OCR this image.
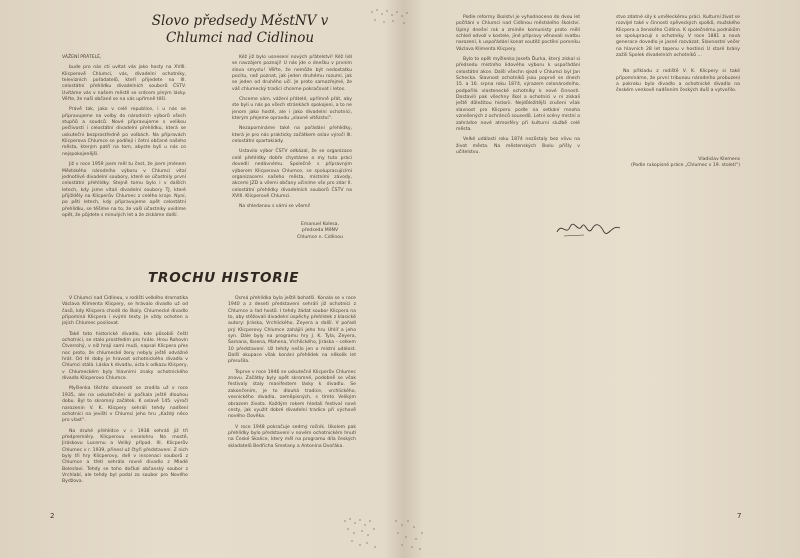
Slovo předsedy MěstNV v Chlumci nad Cidlinou

VÁŽENÍ PŘÁTELÉ,

bude pro nás ctí uvítat vás jako hosty na XVIII. Klicperově Chlumci, vás, divadelní ochotníky, televizních pořadatelů, kteří přijedete na III. celostátní přehlídku divadelních souborů ČSTV. Uvítáme vás v našem městě se srdcem plným lásky. Věřte, že naši občané se na vás upřímně těší.

Právě tak, jako v celé republice, i u nás se připravujeme na volby do národních výborů všech stupňů a soudců. Nové připravujeme s velikou pečlivostí i celostátní divadelní přehlídku, která se uskuteční bezprostředně po volbách. Na přípravách Klicperova Chlumce se podílejí i četní občané našeho města, kterým patří na tom, abyste byli u nás co nejspokojenější.

Již v roce 1959 jsem měl tu čest, že jsem jménem Městského národního výboru v Chlumci vítal jednotlivé divadelní soubory, které se účastnily první celostátní přehlídky. Stejně tomu bylo i v dalších letech, kdy jsme vítali divadelní soubory TJ, které přijížděly na Klicperův Chlumec z celého kraje. Nyní, po pěti letech, kdy připravujeme opět celostátní přehlídku, se těšíme na to, že vaší účastníky uvidíme opět, že půjdete s minulých let a že získáme další.

Kéž již bylo usnesení nových přátelství! Kéž lidí se navzájem poznají! U nás jde o dnešku v prvním slova smyslu! Věřte, že nemůže být nedostatku pocitu, než poznat, jak jeden druhému rozumí, jak se jeden od druhého učí. Je proto samozřejmé, že váš chlumecký tradici chceme pokračovat i letos.

Chceme vám, vážení přátelé, upřímně přát, aby ste byli u nás po všech stránkách spokojeni, a to ne jenom jako hosté, ale i jako divadelní ochotníci, kterým přejeme opravdu „slavné vítězství“.

Nezapomínáme také na pořádání přehlídky, která je pro nás prakticky začátkem oslav výročí III. celostátní spartakiády.

Ustavilo výbor ČSTV odkázal, že se organizace celé přehlídky dobře chystáme a my tuto práci dovedli nedávnému. Společně s přípravným výborem Klicperova Chlumce, se spolupracujícími organizacemi našeho města, místními závody, akcemi JZD a všemi občany učiníme vše pro zdar II. celostátní přehlídky divadelních souborů ČSTV na XVIII. Klicperově Chlumci.

Na shledanou s vámi se všemi!

Emanuel Kolesa,
předseda MěNV
Chlumce n. Cidlinou
TROCHU HISTORIE

V Chlumci nad Cidlinou, v rodišti velkého dramatika Václava Klimenta Klicpery, se hrávalo divadlo už od časů, kdy Klicpera chodil do školy. Chlumecké divadlo připomíná Klicpera i svými texty. Je vždy ochoten a jejich Chlumec posilovat.

Také toto historické divadlo, kde působili čeští ochotníci, se stalo prostředím pro hrálo. Hrou Rohovín Čtverrohý, v níž hrají samí muži, napsal Klicpera přes noc proto, že chlumecké ženy nebyly ještě odvážné hrát. Od té doby je hravost ochotnického divadla v Chlumci stálá. Láska k divadlu, úcta k odkazu Klicpery, v Chlumeckém byly hlavními znaky ochotnického divadla Klicperovo Chlumce.

Myšlenka těchto slavností se zrodila už v roce 1935, ale na uskutečnění si počkala ještě dlouhou dobu. Byl to skromný začátek. K oslavě 145. výročí narozenin V. K. Klicpery sehráli tehdy nadšení ochotníci na jevišti v Chlumci jeho hru „Každý něco pro vlast“.

Na druhé přehlídce v r. 1938 sehráli již tři předpremiéry. Klicperovu veselohru Na mostě, Jiráskovu Lucernu a Veliký případ. III. Klicperův Chlumec v r. 1939, přinesl už čtyři představení. Z nich byly tři hry Klicperovy, dvě v inscenaci souborů z Chlumce a třetí sehrálo rovné divadlo z Mladé Boleslavi. Tehdy se toho dočkal občanský soubor z Vrchlabí, ale tehdy byl podal za soubor pro Nového Bydžova.

Osmá přehlídka byla ještě bohatší. Konala se v roce 1940 a z deseti představení sehráli již ochotníci z Chlumce a řad hostů. I tehdy žádat soubor Klicpera na to, aby stěžovali divadelní úspěchy přehlídek z klasické autory: Jiráska, Vrchlického, Zeyera a další. V pořadí prý Klicperovy Chlumce zahájili jeho hru Uhlíř a jeho syn. Dále byly na programu hry J. K. Tyla, Zeyera, Šamana, Ibsena, Mahena, Vrchlického, Jiráska – celkem 10 představení. Už tehdy nešlo jen o místní událost. Další okupace však konání přehlídek na několik let přerušila.

Teprve v roce 1946 se uskutečnil Klicperův Chlumec znovu. Začátky byly opět skromné, podobně se však festivaly staly manifestem lásky k divadlu. Se zakončením, je to dlouhá tradice, vrchlického, vesnického divadla, zeměpisných, s tímto Velikým obrazem života. Každým rokem hledali festival nové cesty, jak využít dobré divadelní tradice při výchově nového člověka.

V roce 1948 pokračuje sedmý ročník. Úkolem pak přehlídky bylo představení v novém ochotnickém hnutí na České Skalice, který měl na programu díla českých skladatelů Bedřicha Smetany a Antonína Dvořáka.

2

Podle reformy školství je vyhodnoceno do dvou let počítání v Chlumci nad Cidlinou městského školství. Úplný dnešní rok a zmíněn komunisty proto měli schled odvolí v kostele, jiné přípravy věnovali svatbu narození, k uspořádání konat soutěž poctění pomníku Václava Klimenta Klicpery.

Bylo to opět myšlenka Josefa Ďurka, který získal si předsedu místního lidového výboru k uspořádání celostátní akce. Další všechn sjezd v Chlumci byl Jan Schecka. Slavnost ochotníků jsou poprvé se dnech 15. a 16. srpna roku 1874, výrazem celonárodního, podpořila vlastenecké ochotníky k nové činnosti. Dostavili pak všechny škol a ochotníci v ní získali ještě důležitou historii. Nejdůležitější zrušení však slavnost pro Klicperu podle na setkání mnoha vznešených z ochránců sousedů. Letní scény místní a zahrádce nové atmosféry při kulturní službě celé města.

Velké události roku 1874 nezůstaly bez vlivu na život města. Na městenských školu přišly v učitelstvu.

stvo zdatné síly k uměleckému práci. Kulturní život se rozvíjel také v činnosti spěveckých spolků, mužského Klicpera a ženského Cidlina. K společnému podnikům se spolupracují s ochotníky. V roce 1881 a nová generace dovedlo je jasné rozvázat. Slavnostní večer na hlavních 28 let topenu v hostinci U staré brány zažili Spolek divadelních ochotníků ...

Na příkladu z rodiště V. K. Klicpery si také připomínáme, že první tribunou národního probuzení a pokroku bylo divadlo a ochotnické divadlo na českém venkově nadšením českých duší a vytvořilo.

Vladislav Klemens
(Podle rukopisné práce „Chlumec v 19. století“)
7
